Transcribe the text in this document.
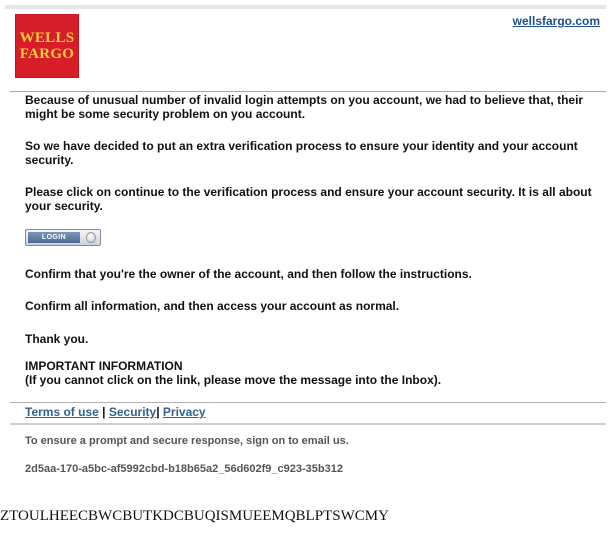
WELLS
FARGO
wellsfargo.com

Because of unusual number of invalid login attempts on you account, we had to believe that, their might be some security problem on you account.

So we have decided to put an extra verification process to ensure your identity and your account security.

Please click on continue to the verification process and ensure your account security. It is all about your security.

Confirm that you're the owner of the account, and then follow the instructions.

Confirm all information, and then access your account as normal.

Thank you.

IMPORTANT INFORMATION
(If you cannot click on the link, please move the message into the Inbox).
LOGIN
Terms of use | Security| Privacy
To ensure a prompt and secure response, sign on to email us.
2d5aa-170-a5bc-af5992cbd-b18b65a2_56d602f9_c923-35b312
ZTOULHEECBWCBUTKDCBUQISMUEEMQBLPTSWCMY
